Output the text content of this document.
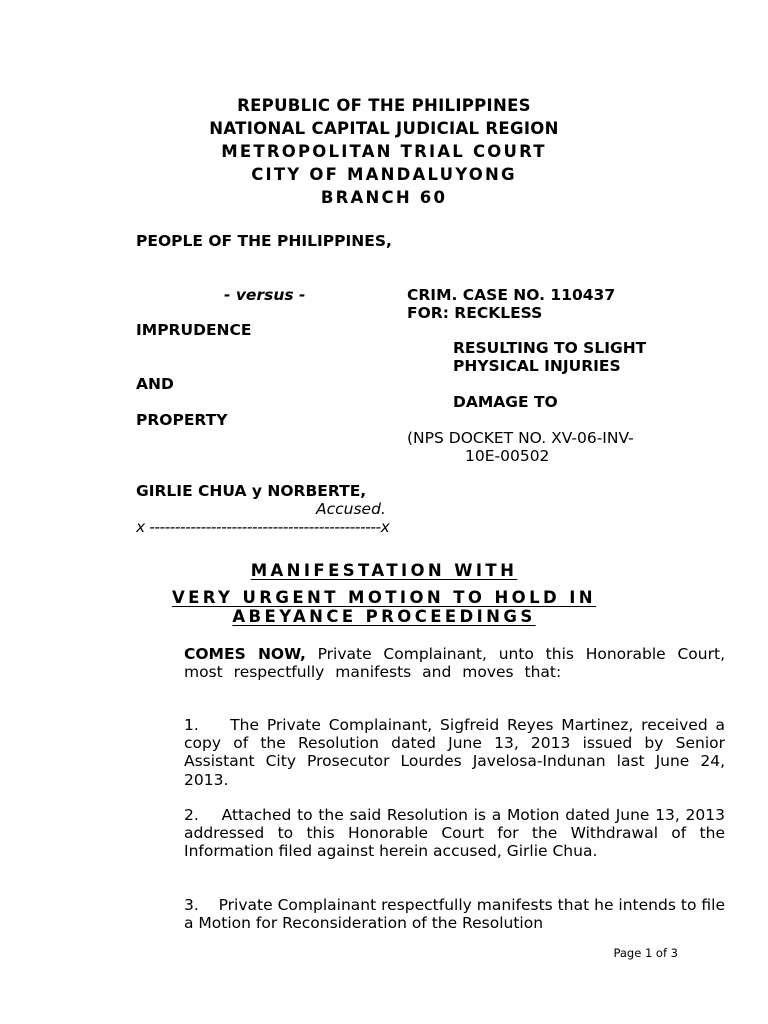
REPUBLIC OF THE PHILIPPINES
NATIONAL CAPITAL JUDICIAL REGION
METROPOLITAN TRIAL COURT
CITY OF MANDALUYONG
BRANCH 60
PEOPLE OF THE PHILIPPINES,
- versus -	CRIM. CASE NO. 110437
FOR: RECKLESS
IMPRUDENCE
RESULTING TO SLIGHT
PHYSICAL INJURIES
AND
DAMAGE TO
PROPERTY
(NPS DOCKET NO. XV-06-INV-
10E-00502
GIRLIE CHUA y NORBERTE,
Accused.
x ---------------------------------------------x
MANIFESTATION WITH
VERY URGENT MOTION TO HOLD IN
ABEYANCE PROCEEDINGS
COMES NOW, Private Complainant, unto this Honorable Court, most respectfully manifests and moves that:
1.    The Private Complainant, Sigfreid Reyes Martinez, received a copy of the Resolution dated June 13, 2013 issued by Senior Assistant City Prosecutor Lourdes Javelosa-Indunan last June 24, 2013.
2.    Attached to the said Resolution is a Motion dated June 13, 2013 addressed to this Honorable Court for the Withdrawal of the Information filed against herein accused, Girlie Chua.
3.    Private Complainant respectfully manifests that he intends to file a Motion for Reconsideration of the Resolution
Page 1 of 3
